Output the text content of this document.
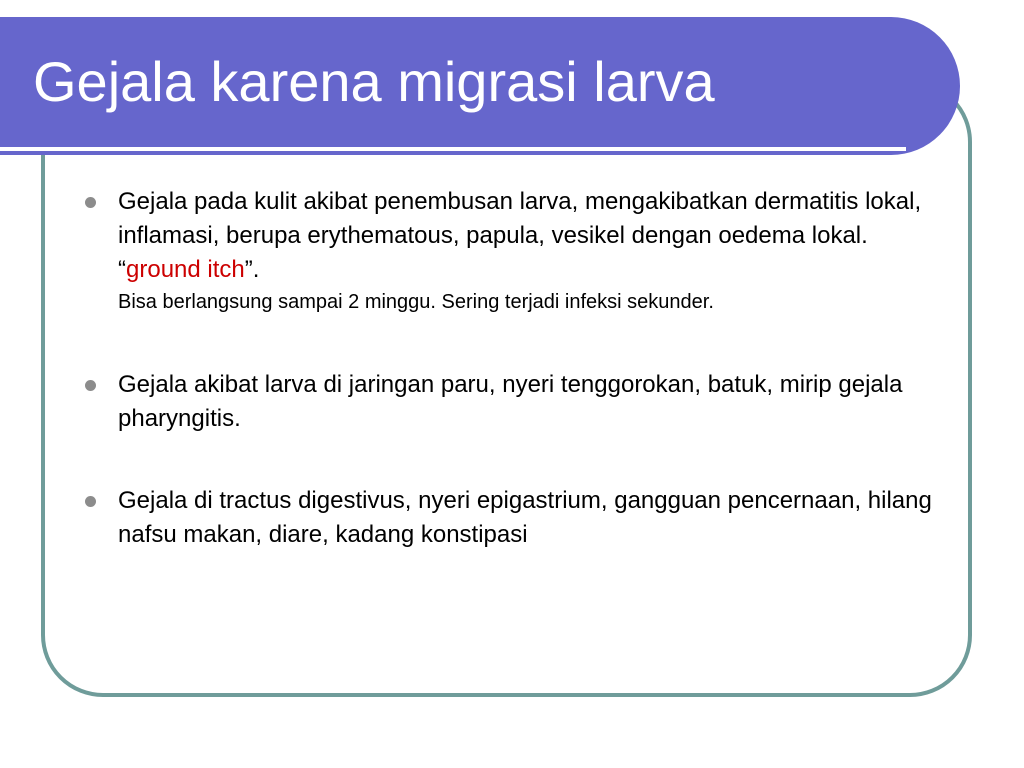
Gejala karena migrasi larva
Gejala pada kulit akibat penembusan larva, mengakibatkan dermatitis lokal, inflamasi, berupa erythematous, papula, vesikel dengan oedema lokal. “ground itch”.
Bisa berlangsung sampai 2 minggu. Sering terjadi infeksi sekunder.
Gejala akibat larva di jaringan paru, nyeri tenggorokan, batuk, mirip gejala pharyngitis.
Gejala di tractus digestivus, nyeri epigastrium, gangguan pencernaan, hilang nafsu makan, diare, kadang konstipasi
